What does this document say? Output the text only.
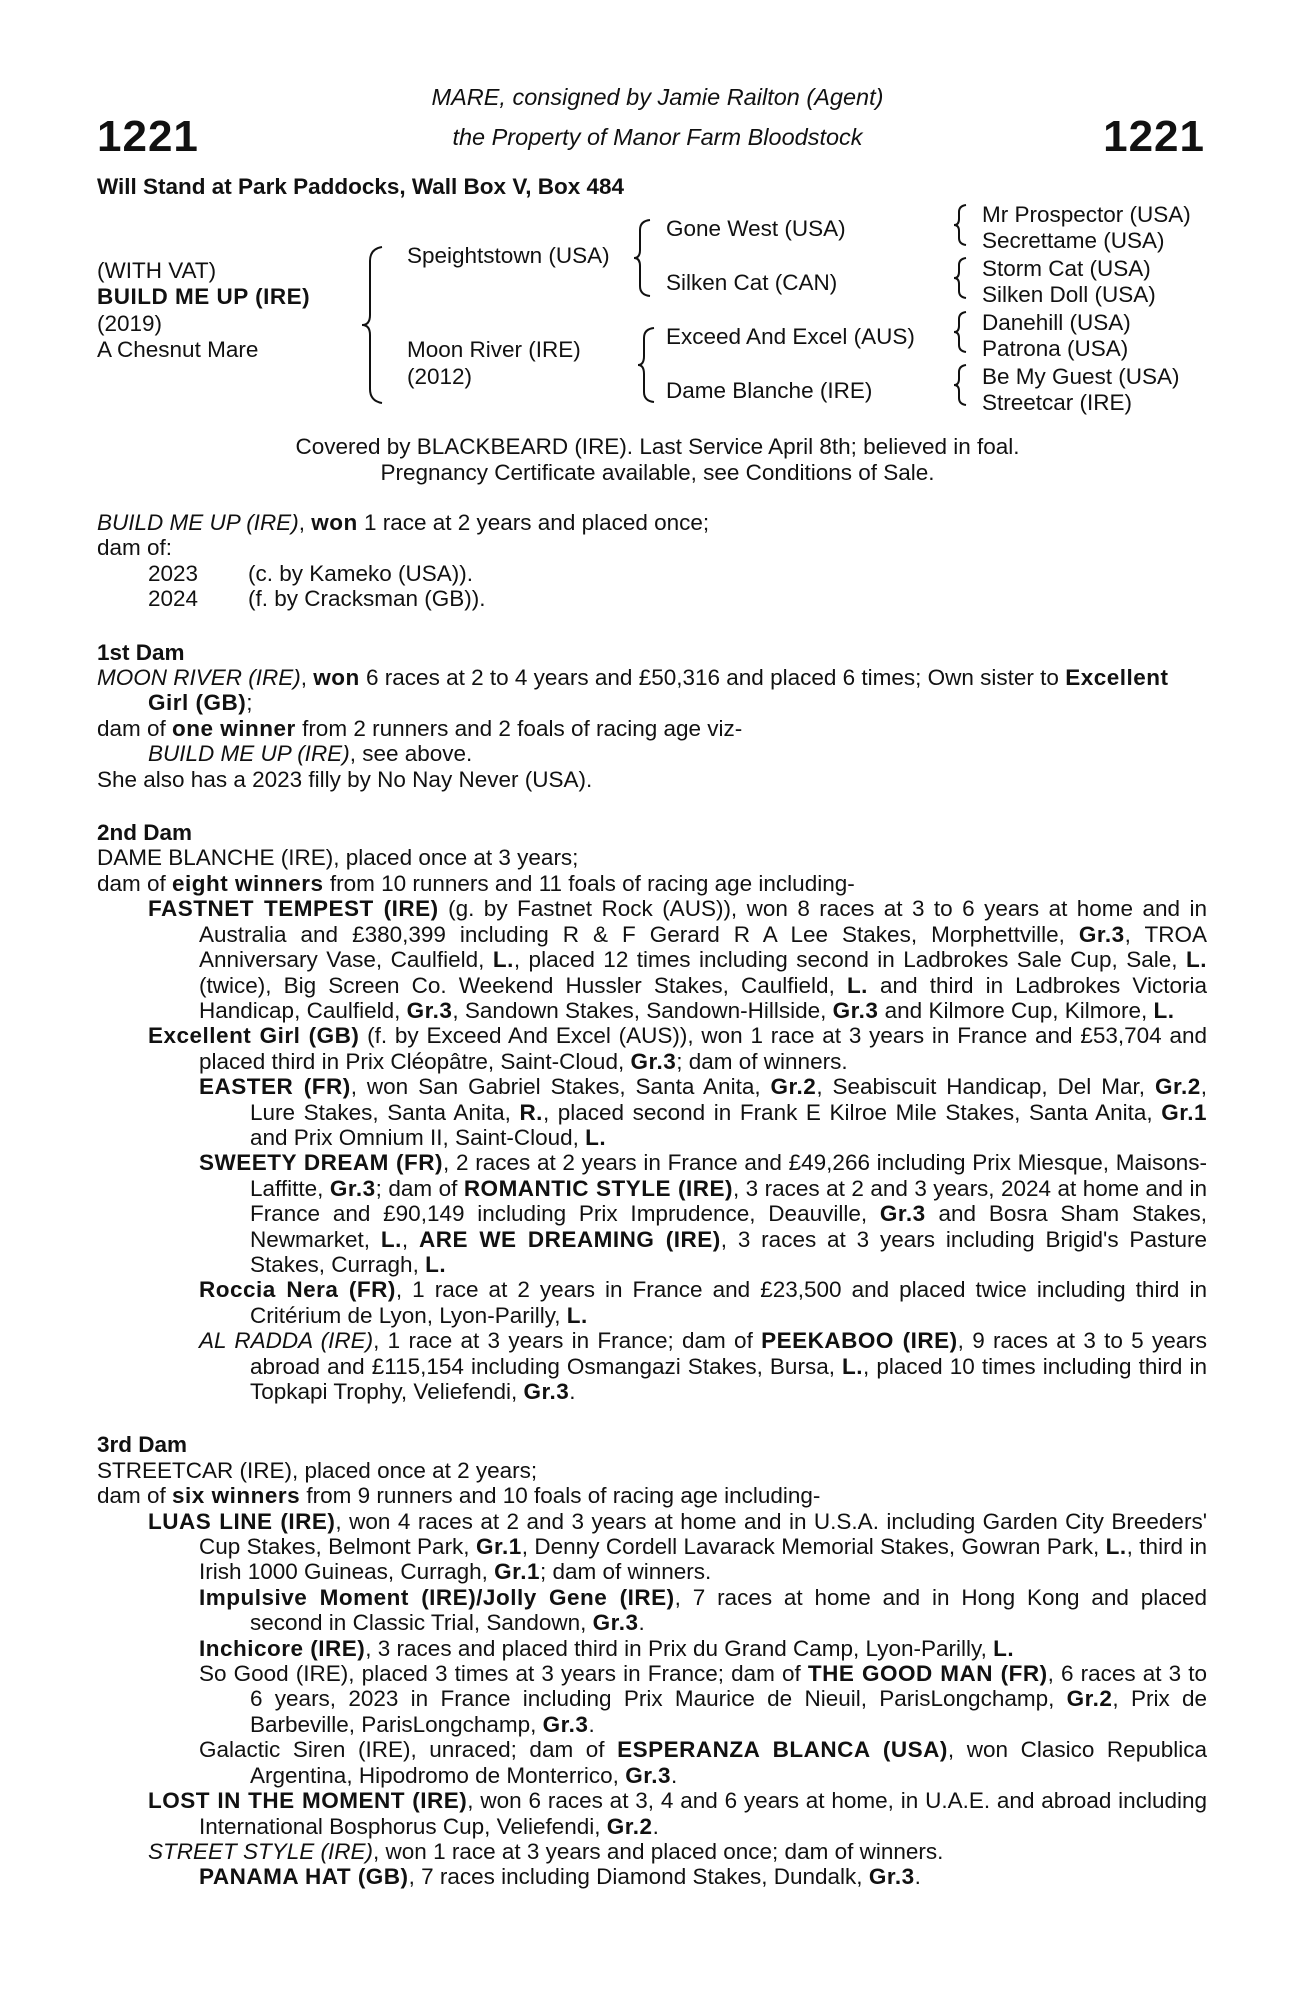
1221	1221
MARE, consigned by Jamie Railton (Agent)
the Property of Manor Farm Bloodstock
Will Stand at Park Paddocks, Wall Box V, Box 484
(WITH VAT)
BUILD ME UP (IRE)
(2019)
A Chesnut Mare
Speightstown (USA)
Moon River (IRE)
(2012)
Gone West (USA)
Silken Cat (CAN)
Exceed And Excel (AUS)
Dame Blanche (IRE)
Mr Prospector (USA)
Secrettame (USA)
Storm Cat (USA)
Silken Doll (USA)
Danehill (USA)
Patrona (USA)
Be My Guest (USA)
Streetcar (IRE)
Covered by BLACKBEARD (IRE). Last Service April 8th; believed in foal.
Pregnancy Certificate available, see Conditions of Sale.

BUILD ME UP (IRE), won 1 race at 2 years and placed once;

dam of:

2023	(c. by Kameko (USA)).
2024	(f. by Cracksman (GB)).

1st Dam

MOON RIVER (IRE), won 6 races at 2 to 4 years and £50,316 and placed 6 times; Own sister to Excellent Girl (GB);

dam of one winner from 2 runners and 2 foals of racing age viz-

BUILD ME UP (IRE), see above.

She also has a 2023 filly by No Nay Never (USA).

2nd Dam

DAME BLANCHE (IRE), placed once at 3 years;

dam of eight winners from 10 runners and 11 foals of racing age including-

FASTNET TEMPEST (IRE) (g. by Fastnet Rock (AUS)), won 8 races at 3 to 6 years at home and in Australia and £380,399 including R & F Gerard R A Lee Stakes, Morphettville, Gr.3, TROA Anniversary Vase, Caulfield, L., placed 12 times including second in Ladbrokes Sale Cup, Sale, L. (twice), Big Screen Co. Weekend Hussler Stakes, Caulfield, L. and third in Ladbrokes Victoria Handicap, Caulfield, Gr.3, Sandown Stakes, Sandown-Hillside, Gr.3 and Kilmore Cup, Kilmore, L.

Excellent Girl (GB) (f. by Exceed And Excel (AUS)), won 1 race at 3 years in France and £53,704 and placed third in Prix Cléopâtre, Saint-Cloud, Gr.3; dam of winners.

EASTER (FR), won San Gabriel Stakes, Santa Anita, Gr.2, Seabiscuit Handicap, Del Mar, Gr.2, Lure Stakes, Santa Anita, R., placed second in Frank E Kilroe Mile Stakes, Santa Anita, Gr.1 and Prix Omnium II, Saint-Cloud, L.

SWEETY DREAM (FR), 2 races at 2 years in France and £49,266 including Prix Miesque, Maisons-Laffitte, Gr.3; dam of ROMANTIC STYLE (IRE), 3 races at 2 and 3 years, 2024 at home and in France and £90,149 including Prix Imprudence, Deauville, Gr.3 and Bosra Sham Stakes, Newmarket, L., ARE WE DREAMING (IRE), 3 races at 3 years including Brigid's Pasture Stakes, Curragh, L.

Roccia Nera (FR), 1 race at 2 years in France and £23,500 and placed twice including third in Critérium de Lyon, Lyon-Parilly, L.

AL RADDA (IRE), 1 race at 3 years in France; dam of PEEKABOO (IRE), 9 races at 3 to 5 years abroad and £115,154 including Osmangazi Stakes, Bursa, L., placed 10 times including third in Topkapi Trophy, Veliefendi, Gr.3.

3rd Dam

STREETCAR (IRE), placed once at 2 years;

dam of six winners from 9 runners and 10 foals of racing age including-

LUAS LINE (IRE), won 4 races at 2 and 3 years at home and in U.S.A. including Garden City Breeders' Cup Stakes, Belmont Park, Gr.1, Denny Cordell Lavarack Memorial Stakes, Gowran Park, L., third in Irish 1000 Guineas, Curragh, Gr.1; dam of winners.

Impulsive Moment (IRE)/Jolly Gene (IRE), 7 races at home and in Hong Kong and placed second in Classic Trial, Sandown, Gr.3.

Inchicore (IRE), 3 races and placed third in Prix du Grand Camp, Lyon-Parilly, L.

So Good (IRE), placed 3 times at 3 years in France; dam of THE GOOD MAN (FR), 6 races at 3 to 6 years, 2023 in France including Prix Maurice de Nieuil, ParisLongchamp, Gr.2, Prix de Barbeville, ParisLongchamp, Gr.3.

Galactic Siren (IRE), unraced; dam of ESPERANZA BLANCA (USA), won Clasico Republica Argentina, Hipodromo de Monterrico, Gr.3.

LOST IN THE MOMENT (IRE), won 6 races at 3, 4 and 6 years at home, in U.A.E. and abroad including International Bosphorus Cup, Veliefendi, Gr.2.

STREET STYLE (IRE), won 1 race at 3 years and placed once; dam of winners.

PANAMA HAT (GB), 7 races including Diamond Stakes, Dundalk, Gr.3.
